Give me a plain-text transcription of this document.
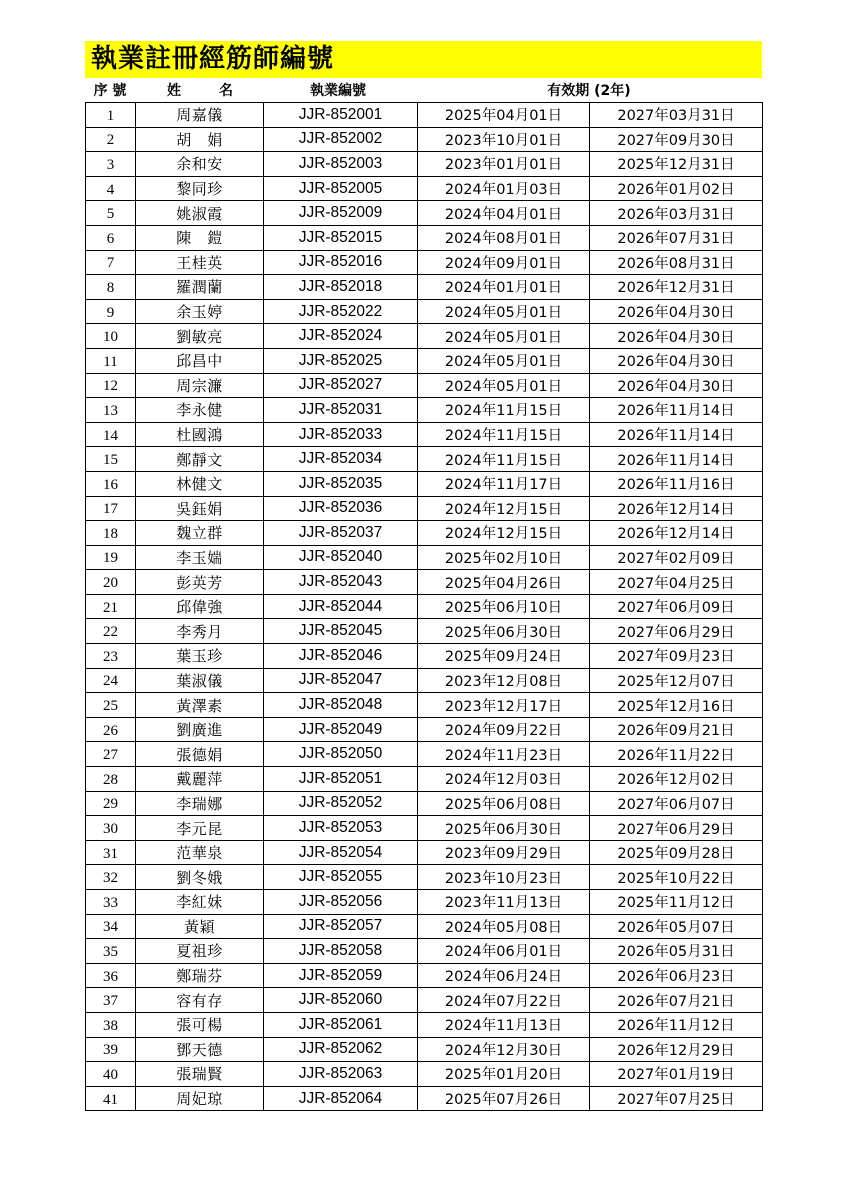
執業註冊經筋師編號
序 號	姓　名	執業編號	有效期 (2年)
1	周嘉儀	JJR-852001	2025年04月01日	2027年03月31日
2	胡　娟	JJR-852002	2023年10月01日	2027年09月30日
3	余和安	JJR-852003	2023年01月01日	2025年12月31日
4	黎同珍	JJR-852005	2024年01月03日	2026年01月02日
5	姚淑霞	JJR-852009	2024年04月01日	2026年03月31日
6	陳　鎧	JJR-852015	2024年08月01日	2026年07月31日
7	王桂英	JJR-852016	2024年09月01日	2026年08月31日
8	羅潤蘭	JJR-852018	2024年01月01日	2026年12月31日
9	余玉婷	JJR-852022	2024年05月01日	2026年04月30日
10	劉敏亮	JJR-852024	2024年05月01日	2026年04月30日
11	邱昌中	JJR-852025	2024年05月01日	2026年04月30日
12	周宗濂	JJR-852027	2024年05月01日	2026年04月30日
13	李永健	JJR-852031	2024年11月15日	2026年11月14日
14	杜國鴻	JJR-852033	2024年11月15日	2026年11月14日
15	鄭靜文	JJR-852034	2024年11月15日	2026年11月14日
16	林健文	JJR-852035	2024年11月17日	2026年11月16日
17	吳鈺娟	JJR-852036	2024年12月15日	2026年12月14日
18	魏立群	JJR-852037	2024年12月15日	2026年12月14日
19	李玉媏	JJR-852040	2025年02月10日	2027年02月09日
20	彭英芳	JJR-852043	2025年04月26日	2027年04月25日
21	邱偉強	JJR-852044	2025年06月10日	2027年06月09日
22	李秀月	JJR-852045	2025年06月30日	2027年06月29日
23	葉玉珍	JJR-852046	2025年09月24日	2027年09月23日
24	葉淑儀	JJR-852047	2023年12月08日	2025年12月07日
25	黃澤素	JJR-852048	2023年12月17日	2025年12月16日
26	劉廣進	JJR-852049	2024年09月22日	2026年09月21日
27	張德娟	JJR-852050	2024年11月23日	2026年11月22日
28	戴麗萍	JJR-852051	2024年12月03日	2026年12月02日
29	李瑞娜	JJR-852052	2025年06月08日	2027年06月07日
30	李元昆	JJR-852053	2025年06月30日	2027年06月29日
31	范華泉	JJR-852054	2023年09月29日	2025年09月28日
32	劉冬娥	JJR-852055	2023年10月23日	2025年10月22日
33	李紅妹	JJR-852056	2023年11月13日	2025年11月12日
34	黃穎	JJR-852057	2024年05月08日	2026年05月07日
35	夏祖珍	JJR-852058	2024年06月01日	2026年05月31日
36	鄭瑞芬	JJR-852059	2024年06月24日	2026年06月23日
37	容有存	JJR-852060	2024年07月22日	2026年07月21日
38	張可楊	JJR-852061	2024年11月13日	2026年11月12日
39	鄧天德	JJR-852062	2024年12月30日	2026年12月29日
40	張瑞賢	JJR-852063	2025年01月20日	2027年01月19日
41	周妃琼	JJR-852064	2025年07月26日	2027年07月25日
